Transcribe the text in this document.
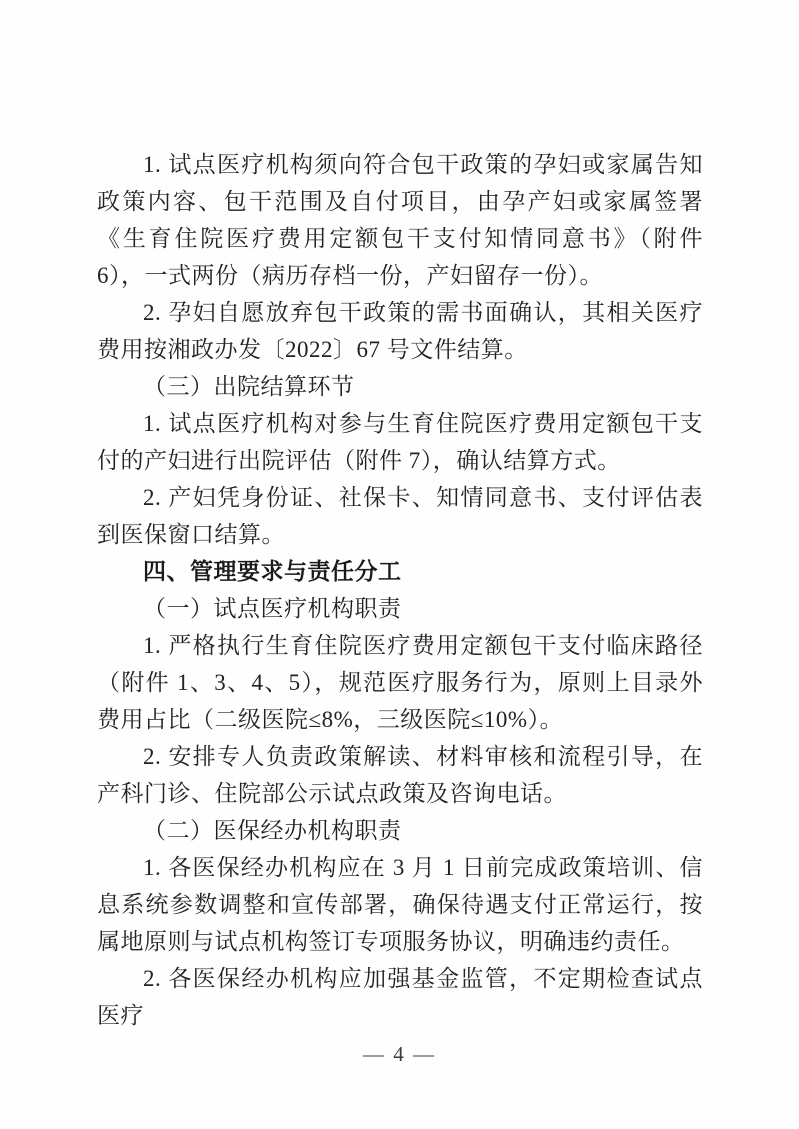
1. 试点医疗机构须向符合包干政策的孕妇或家属告知政策内容、包干范围及自付项目，由孕产妇或家属签署《生育住院医疗费用定额包干支付知情同意书》（附件 6），一式两份（病历存档一份，产妇留存一份）。

2. 孕妇自愿放弃包干政策的需书面确认，其相关医疗费用按湘政办发〔2022〕67 号文件结算。

（三）出院结算环节

1. 试点医疗机构对参与生育住院医疗费用定额包干支付的产妇进行出院评估（附件 7），确认结算方式。

2. 产妇凭身份证、社保卡、知情同意书、支付评估表到医保窗口结算。

四、管理要求与责任分工

（一）试点医疗机构职责

1. 严格执行生育住院医疗费用定额包干支付临床路径（附件 1、3、4、5），规范医疗服务行为，原则上目录外费用占比（二级医院≤8%，三级医院≤10%）。

2. 安排专人负责政策解读、材料审核和流程引导，在产科门诊、住院部公示试点政策及咨询电话。

（二）医保经办机构职责

1. 各医保经办机构应在 3 月 1 日前完成政策培训、信息系统参数调整和宣传部署，确保待遇支付正常运行，按属地原则与试点机构签订专项服务协议，明确违约责任。

2. 各医保经办机构应加强基金监管，不定期检查试点医疗

— 4 —
